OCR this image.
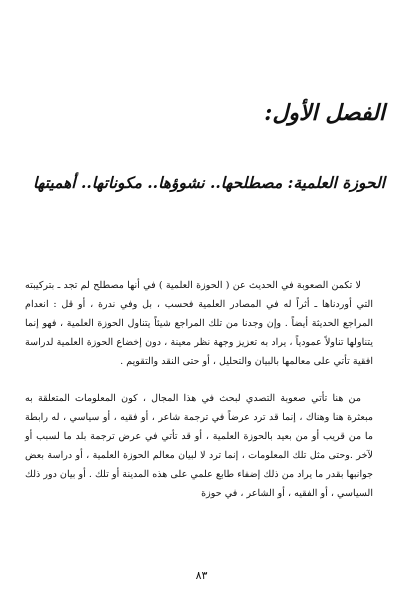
الفصل الأول:
الحوزة العلمية: مصطلحها.. نشوؤها.. مكوناتها.. أهميتها

لا تكمن الصعوبة في الحديث عن ( الحوزة العلمية ) في أنها مصطلح لم تجد ـ بتركيبته التي أوردناها ـ أثراً له في المصادر العلمية فحسب ، بل وفي ندرة ، أو قل : انعدام المراجع الحديثة أيضاً . وإن وجدنا من تلك المراجع شيئاً يتناول الحوزة العلمية ، فهو إنما يتناولها تناولاً عمودياً ، يراد به تعزيز وجهة نظر معينة ، دون إخضاع الحوزة العلمية لدراسة افقية تأتي على معالمها بالبيان والتحليل ، أو حتى النقد والتقويم .

من هنا تأتي صعوبة التصدي لبحث في هذا المجال ، كون المعلومات المتعلقة به مبعثرة هنا وهناك ، إنما قد ترد عرضاً في ترجمة شاعر ، أو فقيه ، أو سياسي ، له رابطة ما من قريب أو من بعيد بالحوزة العلمية ، أو قد تأتي في عرض ترجمة بلد ما لسبب أو لآخر .وحتى مثل تلك المعلومات ، إنما ترد لا لبيان معالم الحوزة العلمية ، أو دراسة بعض جوانبها بقدر ما يراد من ذلك إضفاء طابع علمي على هذه المدينة أو تلك . أو بيان دور ذلك السياسي ، أو الفقيه ، أو الشاعر ، في حوزة

٨٣
